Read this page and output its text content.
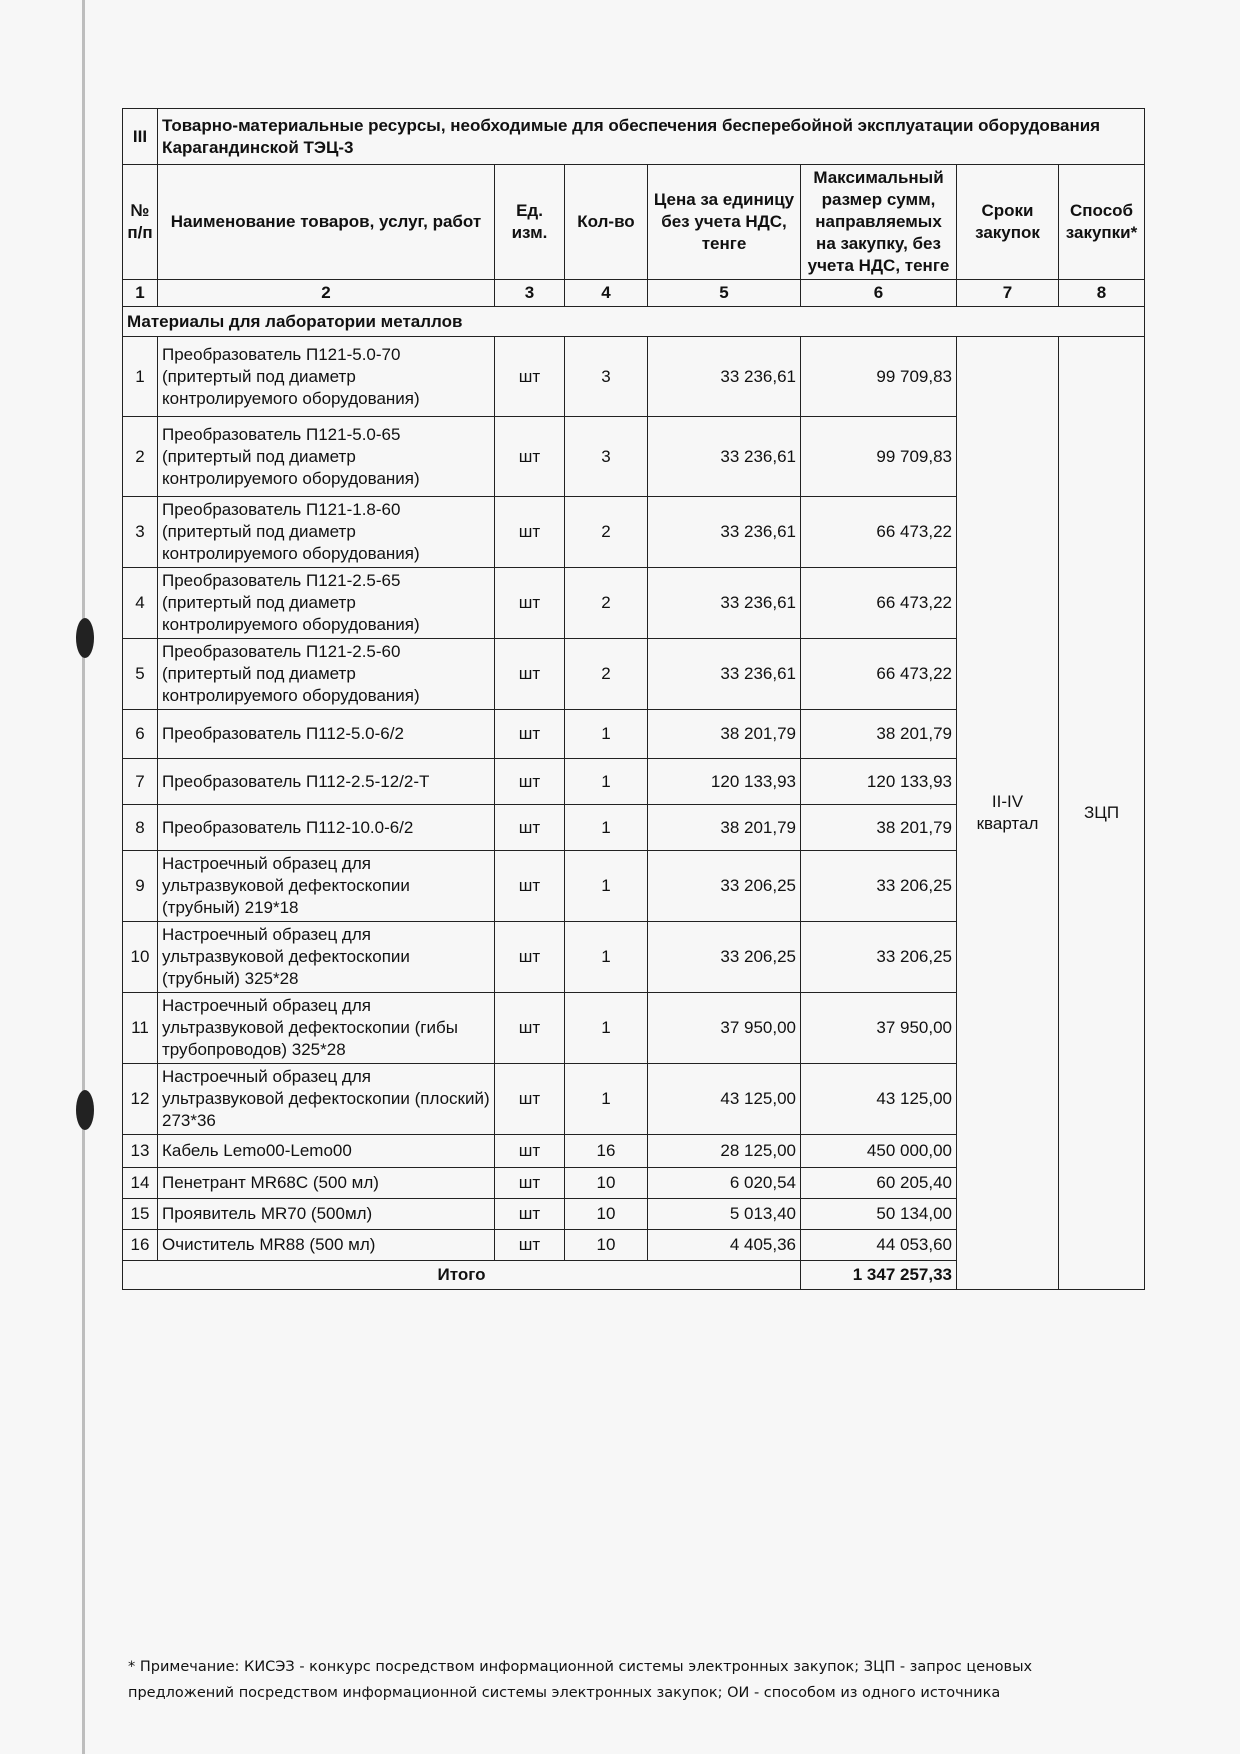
III	Товарно-материальные ресурсы, необходимые для обеспечения бесперебойной эксплуатации оборудования Карагандинской ТЭЦ-3						
№ п/п	Наименование товаров, услуг, работ	Ед. изм.	Кол-во	Цена за единицу без учета НДС, тенге	Максимальный размер сумм, направляемых на закупку, без учета НДС, тенге	Сроки закупок	Способ закупки*
1	2	3	4	5	6	7	8
Материалы для лаборатории металлов							
1	Преобразователь П121-5.0-70 (притертый под диаметр контролируемого оборудования)	шт	3	33 236,61	99 709,83	II-IV квартал	ЗЦП
2	Преобразователь П121-5.0-65 (притертый под диаметр контролируемого оборудования)	шт	3	33 236,61	99 709,83		
3	Преобразователь П121-1.8-60 (притертый под диаметр контролируемого оборудования)	шт	2	33 236,61	66 473,22		
4	Преобразователь П121-2.5-65 (притертый под диаметр контролируемого оборудования)	шт	2	33 236,61	66 473,22		
5	Преобразователь П121-2.5-60 (притертый под диаметр контролируемого оборудования)	шт	2	33 236,61	66 473,22		
6	Преобразователь П112-5.0-6/2	шт	1	38 201,79	38 201,79		
7	Преобразователь П112-2.5-12/2-Т	шт	1	120 133,93	120 133,93		
8	Преобразователь П112-10.0-6/2	шт	1	38 201,79	38 201,79		
9	Настроечный образец для ультразвуковой дефектоскопии (трубный) 219*18	шт	1	33 206,25	33 206,25		
10	Настроечный образец для ультразвуковой дефектоскопии (трубный) 325*28	шт	1	33 206,25	33 206,25		
11	Настроечный образец для ультразвуковой дефектоскопии (гибы трубопроводов) 325*28	шт	1	37 950,00	37 950,00		
12	Настроечный образец для ультразвуковой дефектоскопии (плоский) 273*36	шт	1	43 125,00	43 125,00		
13	Кабель Lemo00-Lemo00	шт	16	28 125,00	450 000,00		
14	Пенетрант MR68C (500 мл)	шт	10	6 020,54	60 205,40		
15	Проявитель MR70 (500мл)	шт	10	5 013,40	50 134,00		
16	Очиститель MR88 (500 мл)	шт	10	4 405,36	44 053,60		
Итого					1 347 257,33		
* Примечание: КИСЭЗ - конкурс посредством информационной системы электронных закупок; ЗЦП - запрос ценовых предложений посредством информационной системы электронных закупок; ОИ - способом из одного источника
